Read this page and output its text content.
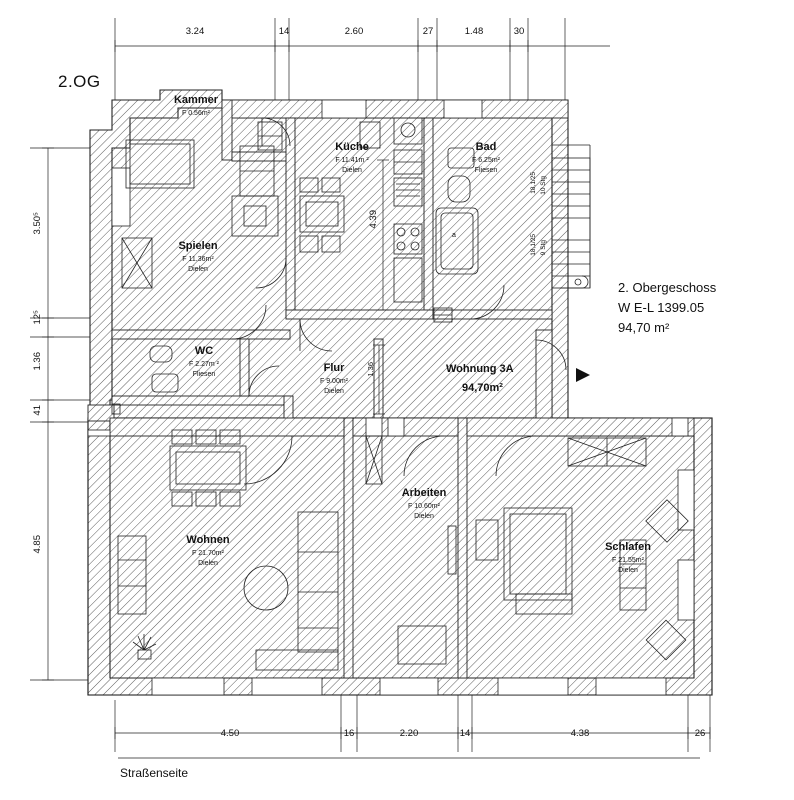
2.OG
2. Obergeschoss
W E-L 1399.05
94,70 m²
Wohnung 3A
94,70m²
Straßenseite
Kammer
F 0.56m²
Küche
F 11.41m ²
Dielen
Bad
F 6.25m²
Fliesen
Spielen
F 11.36m²
Dielen
WC
F 2.27m ²
Fliesen
Flur
F 9.00m²
Dielen
Wohnen
F 21.70m²
Dielen
Arbeiten
F 10.60m²
Dielen
Schlafen
F 21.55m²
Dielen
3.24	14	2.60	27	1.48	30
4.50	16	2.20	14	4.38	26
3.50⁵
12⁵
1.36
41
4.85
4.39
1.36
18,1/25 10 Stg
18,1/25 9 Stg
a
